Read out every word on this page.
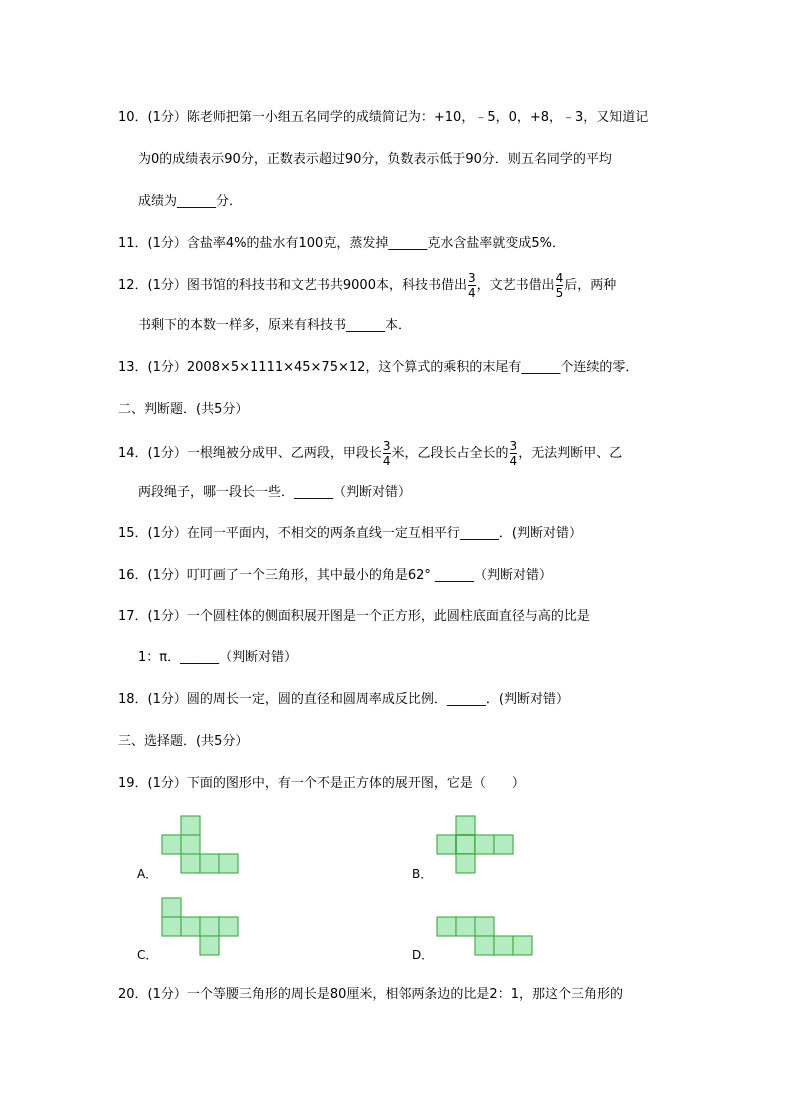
10．(1分）陈老师把第一小组五名同学的成绩简记为：+10，﹣5，0，+8，﹣3，又知道记
为0的成绩表示90分，正数表示超过90分，负数表示低于90分．则五名同学的平均
成绩为______分．
11．(1分）含盐率4%的盐水有100克，蒸发掉______克水含盐率就变成5%．
12．(1分）图书馆的科技书和文艺书共9000本，科技书借出 $\frac{3}{4}$ ，文艺书借出 $\frac{4}{5}$ 后，两种
书剩下的本数一样多，原来有科技书______本．
13．(1分）2008×5×1111×45×75×12，这个算式的乘积的末尾有______个连续的零．
二、判断题．(共5分）
14．(1分）一根绳被分成甲、乙两段，甲段长 $\frac{3}{4}$ 米，乙段长占全长的 $\frac{3}{4}$ ，无法判断甲、乙
两段绳子，哪一段长一些．______（判断对错）
15．(1分）在同一平面内，不相交的两条直线一定互相平行______．(判断对错）
16．(1分）叮叮画了一个三角形，其中最小的角是62° ______（判断对错）
17．(1分）一个圆柱体的侧面积展开图是一个正方形，此圆柱底面直径与高的比是
1：π．______（判断对错）
18．(1分）圆的周长一定，圆的直径和圆周率成反比例．______．(判断对错）
三、选择题．(共5分）
19．(1分）下面的图形中，有一个不是正方体的展开图，它是（　　）
A．	B．
C．	D．
20．(1分）一个等腰三角形的周长是80厘米，相邻两条边的比是2：1，那这个三角形的
